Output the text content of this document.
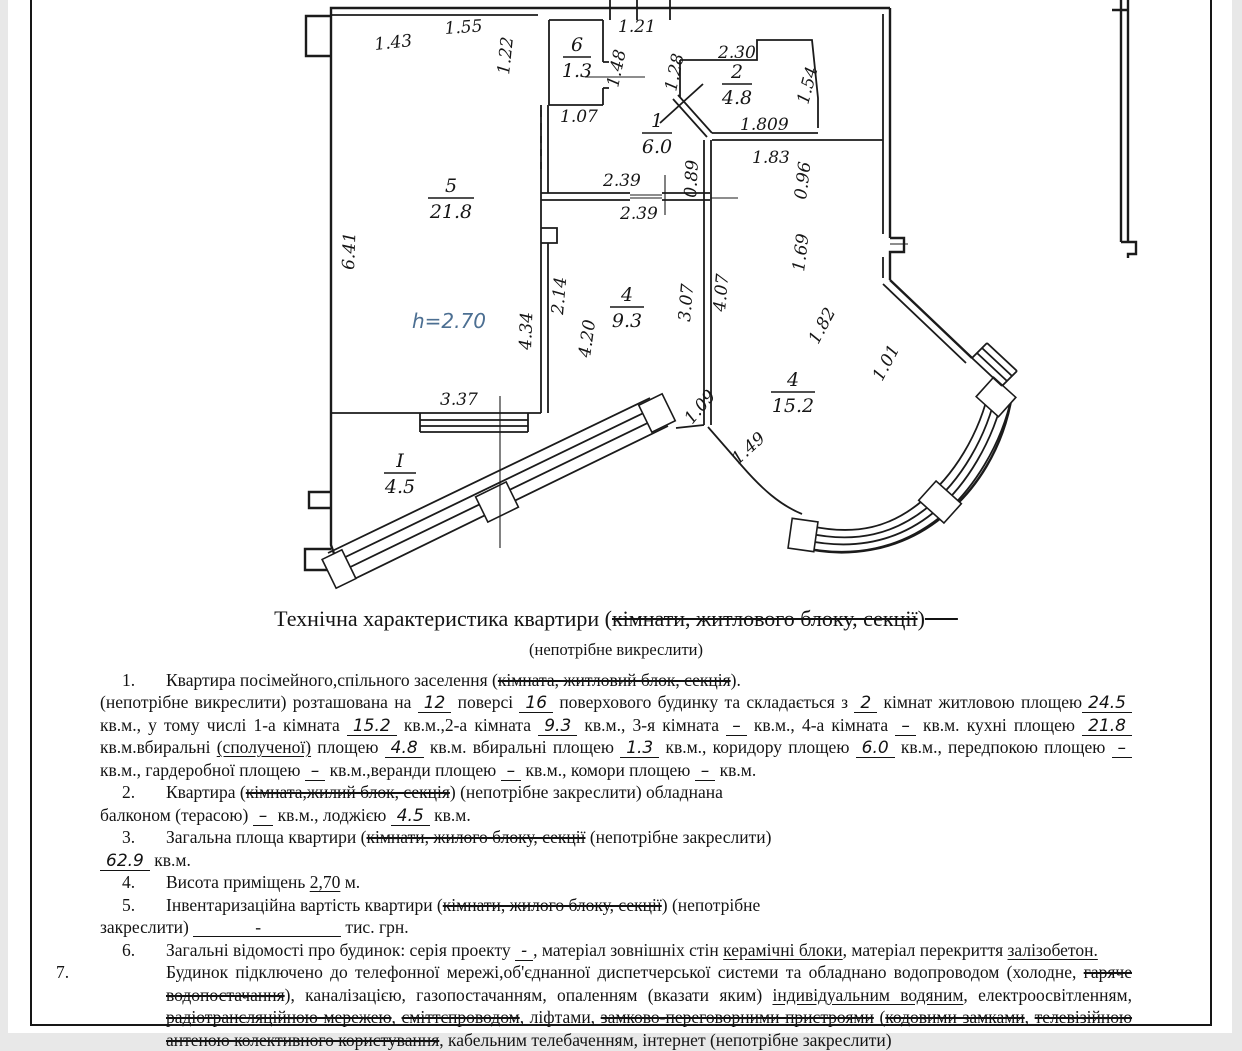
1.43
1.55
1.22
1.21
1.48 1.28
1.07
2.30
1.54
1.809
1.83
0.89	0.96
2.39
2.39
1.69
6.41
4.34
2.14
4.20
3.07 4.07
1.82
1.01
3.37	1.09
1.49
h=2.70
5
21.8
4
9.3
4
15.2
1
6.0
2
4.8
6
1.3
I
4.5
Технічна характеристика квартири (кімнати, житлового блоку, секції)
(непотрібне викреслити)
1. Квартира посімейного,спільного заселення (кімната, житловий блок, секція).
(непотрібне викреслити) розташована на 12 поверсі 16 поверхового будинку та складається з 2 кімнат житловою площею 24.5кв.м., у тому числі 1-а кімната 15.2 кв.м.,2-а кімната 9.3 кв.м., 3-я кімната – кв.м., 4-а кімната – кв.м. кухні площею 21.8 кв.м.вбиральні (сполученої) площею 4.8 кв.м. вбиральні площею 1.3 кв.м., коридору площею 6.0 кв.м., передпокою площею – кв.м., гардеробної площею – кв.м.,веранди площею – кв.м., комори площею – кв.м.
2. Квартира (кімната,жилий блок, секція) (непотрібне закреслити) обладнана
балконом (терасою) – кв.м., лоджією 4.5 кв.м.
3. Загальна площа квартири (кімнати, жилого блоку, секції (непотрібне закреслити)
62.9 кв.м.
4. Висота приміщень 2,70 м.
5. Інвентаризаційна вартість квартири (кімнати, жилого блоку, секції) (непотрібне
закреслити)	-	тис. грн.
6. Загальні відомості про будинок: серія проекту - , матеріал зовнішніх стін керамічні блоки, матеріал перекриття залізобетон.
7.	Будинок підключено до телефонної мережі,об'єднанної диспетчерської системи та обладнано водопроводом (холодне, гаряче водопостачання), каналізацією, газопостачанням, опаленням (вказати яким) індивідуальним водяним, електроосвітленням, радіотрансляційною мережею, сміттєпроводом, ліфтами, замково-переговорними пристроями (кодовими замками, телевізійною антеною колективного користування, кабельним телебаченням, інтернет (непотрібне закреслити)
